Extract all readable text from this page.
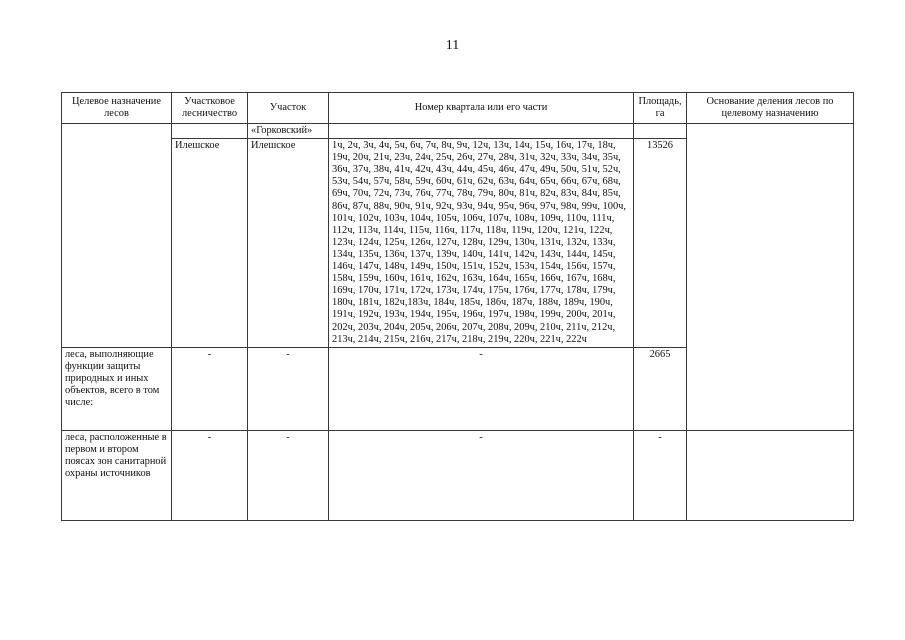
11
Целевое назначение лесов	Участковое лесничество	Участок	Номер квартала или его части	Площадь, га	Основание деления лесов по целевому назначению
		«Горковский»			
	Илешское	Илешское	1ч, 2ч, 3ч, 4ч, 5ч, 6ч, 7ч, 8ч, 9ч, 12ч, 13ч, 14ч, 15ч, 16ч, 17ч, 18ч, 19ч, 20ч, 21ч, 23ч, 24ч, 25ч, 26ч, 27ч, 28ч, 31ч, 32ч, 33ч, 34ч, 35ч, 36ч, 37ч, 38ч, 41ч, 42ч, 43ч, 44ч, 45ч, 46ч, 47ч, 49ч, 50ч, 51ч, 52ч, 53ч, 54ч, 57ч, 58ч, 59ч, 60ч, 61ч, 62ч, 63ч, 64ч, 65ч, 66ч, 67ч, 68ч, 69ч, 70ч, 72ч, 73ч, 76ч, 77ч, 78ч, 79ч, 80ч, 81ч, 82ч, 83ч, 84ч, 85ч, 86ч, 87ч, 88ч, 90ч, 91ч, 92ч, 93ч, 94ч, 95ч, 96ч, 97ч, 98ч, 99ч, 100ч, 101ч, 102ч, 103ч, 104ч, 105ч, 106ч, 107ч, 108ч, 109ч, 110ч, 111ч, 112ч, 113ч, 114ч, 115ч, 116ч, 117ч, 118ч, 119ч, 120ч, 121ч, 122ч, 123ч, 124ч, 125ч, 126ч, 127ч, 128ч, 129ч, 130ч, 131ч, 132ч, 133ч, 134ч, 135ч, 136ч, 137ч, 139ч, 140ч, 141ч, 142ч, 143ч, 144ч, 145ч, 146ч, 147ч, 148ч, 149ч, 150ч, 151ч, 152ч, 153ч, 154ч, 156ч, 157ч, 158ч, 159ч, 160ч, 161ч, 162ч, 163ч, 164ч, 165ч, 166ч, 167ч, 168ч, 169ч, 170ч, 171ч, 172ч, 173ч, 174ч, 175ч, 176ч, 177ч, 178ч, 179ч, 180ч, 181ч, 182ч,183ч, 184ч, 185ч, 186ч, 187ч, 188ч, 189ч, 190ч, 191ч, 192ч, 193ч, 194ч, 195ч, 196ч, 197ч, 198ч, 199ч, 200ч, 201ч, 202ч, 203ч, 204ч, 205ч, 206ч, 207ч, 208ч, 209ч, 210ч, 211ч, 212ч, 213ч, 214ч, 215ч, 216ч, 217ч, 218ч, 219ч, 220ч, 221ч, 222ч	13526	
леса, выполняющие функции защиты природных и иных объектов, всего в том числе:	-	-	-	2665	
леса, расположенные в первом и втором поясах зон санитарной охраны источников	-	-	-	-	
